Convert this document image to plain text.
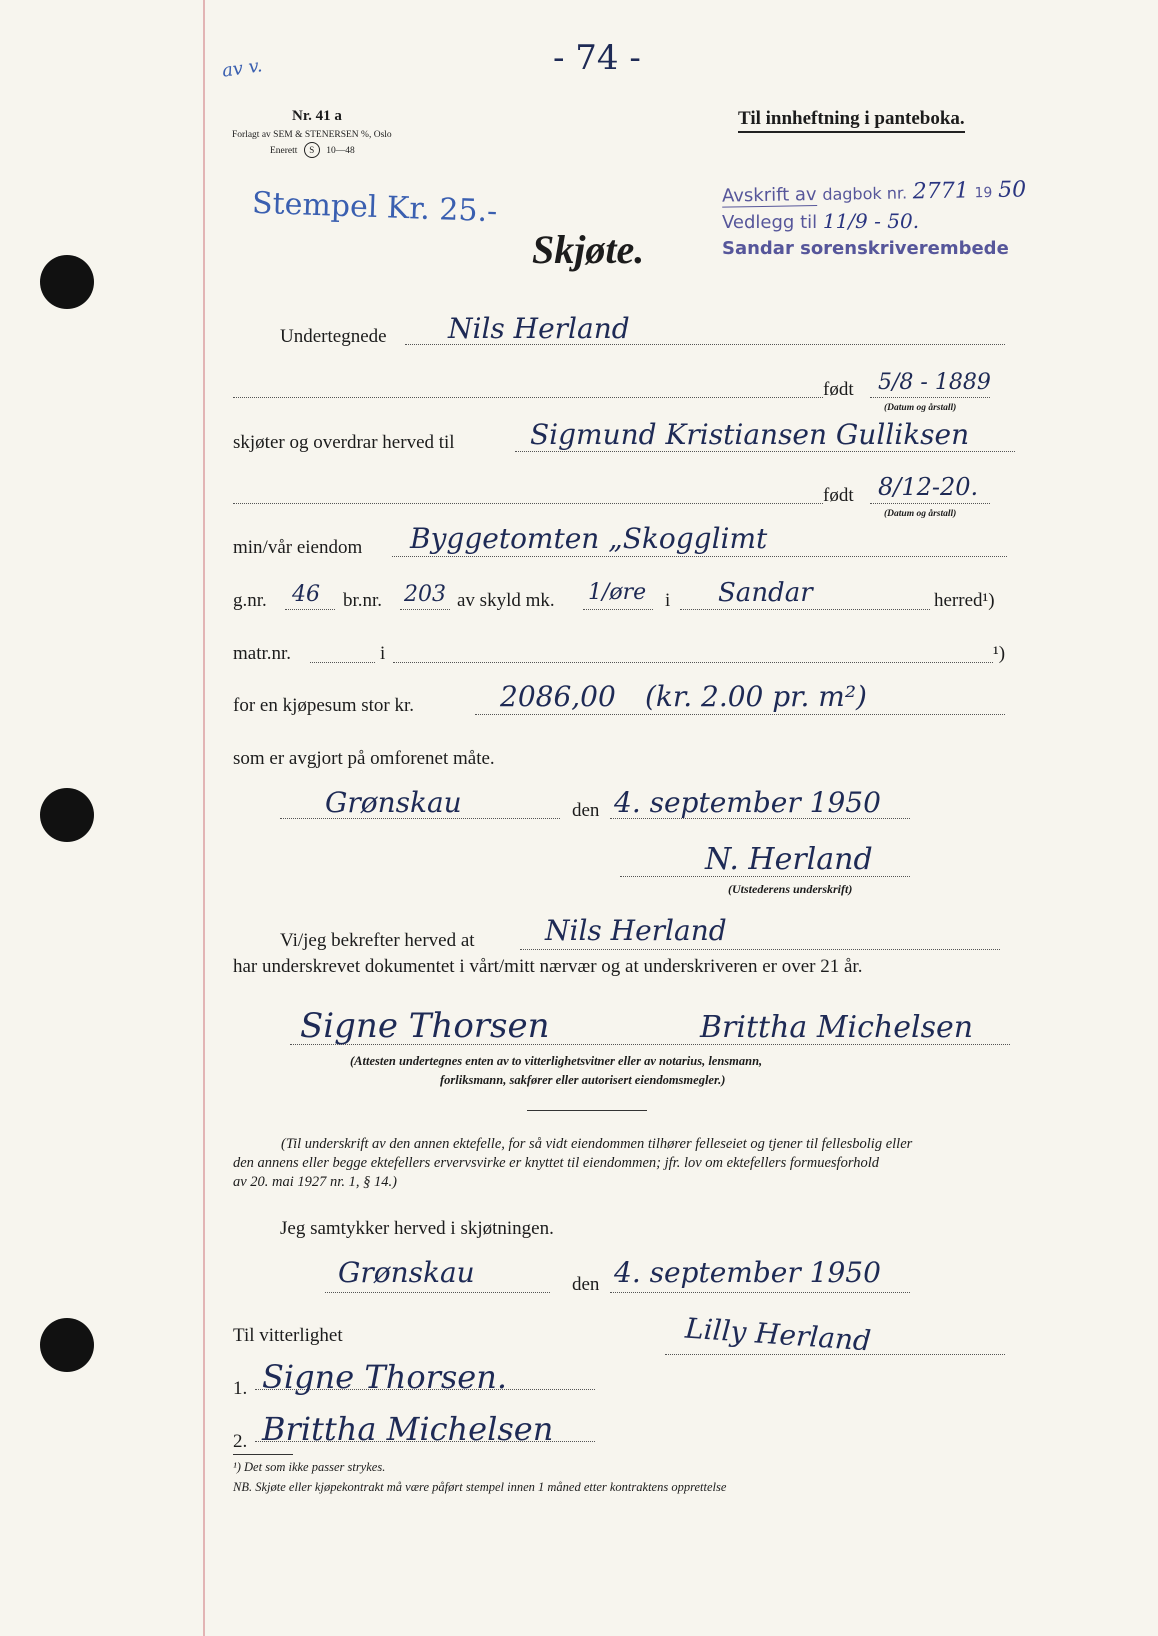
av v.	- 74 -
Nr. 41 a
Forlagt av SEM & STENERSEN %, Oslo
Enerett S 10—48
Til innheftning i panteboka.
Stempel Kr. 25.-	Avskrift av dagbok nr. 2771 19 50
Vedlegg til 11/9 - 50.
Sandar sorenskriverembede
Skjøte.
Undertegnede Nils Herland
født 5/8 - 1889
(Datum og årstall)
skjøter og overdrar herved til	Sigmund Kristiansen Gulliksen
født 8/12-20.
(Datum og årstall)
min/vår eiendom Byggetomten „Skogglimt
g.nr. 46 br.nr. 203 av skyld mk. 1/øre i Sandar	herred¹)
matr.nr.	i	¹)
for en kjøpesum stor kr.	2086,00 (kr. 2.00 pr. m²)
som er avgjort på omforenet måte.
Grønskau	den 4. september 1950
N. Herland
(Utstederens underskrift)
Vi/jeg bekrefter herved at	Nils Herland
har underskrevet dokumentet i vårt/mitt nærvær og at underskriveren er over 21 år.
Signe Thorsen	Brittha Michelsen
(Attesten undertegnes enten av to vitterlighetsvitner eller av notarius, lensmann,
forliksmann, sakfører eller autorisert eiendomsmegler.)
(Til underskrift av den annen ektefelle, for så vidt eiendommen tilhører felleseiet og tjener til fellesbolig eller
den annens eller begge ektefellers ervervsvirke er knyttet til eiendommen; jfr. lov om ektefellers formuesforhold
av 20. mai 1927 nr. 1, § 14.)
Jeg samtykker herved i skjøtningen.
Grønskau	den 4. september 1950
Til vitterlighet	Lilly Herland
1. Signe Thorsen.
2. Brittha Michelsen
¹) Det som ikke passer strykes.
NB. Skjøte eller kjøpekontrakt må være påført stempel innen 1 måned etter kontraktens opprettelse
